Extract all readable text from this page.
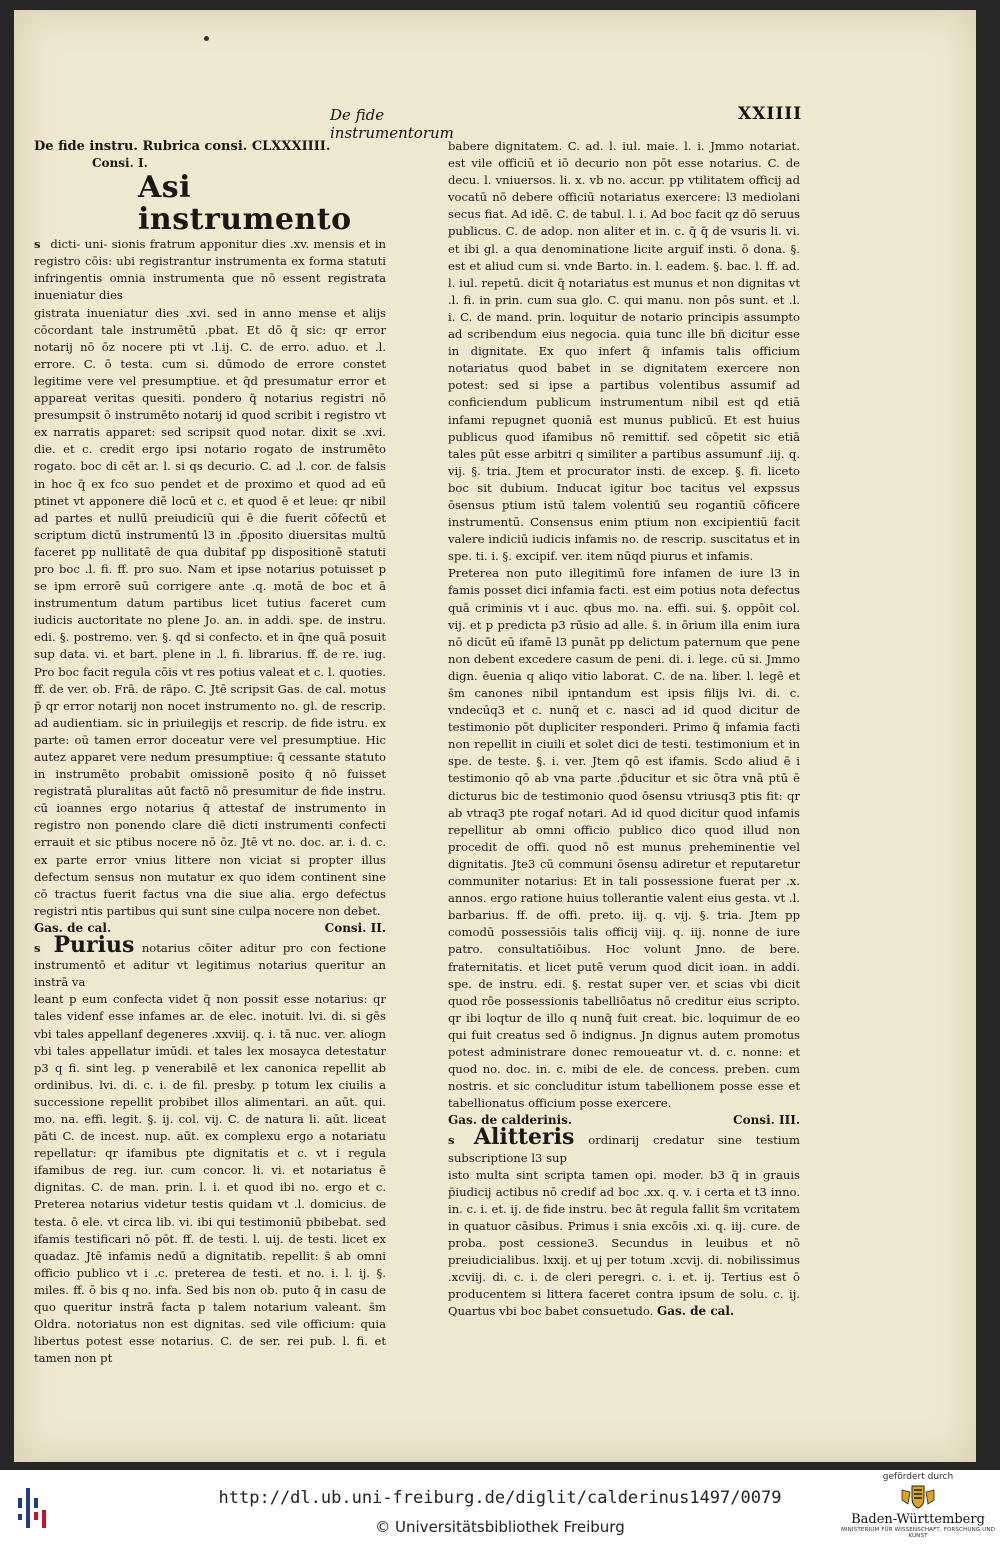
De fide instrumentorum
XXIIII

De fide instru. Rubrica consi. CLXXXIIII.

Consi. I.

Asi instrumento

s dicti- uni- sionis fratrum apponitur dies .xv. mensis et in registro cōis: ubi registrantur instrumenta ex forma statuti infringentis omnia instrumenta que nō essent registrata inueniatur dies

gistrata inueniatur dies .xvi. sed in anno mense et alijs cōcordant tale instrumētū .pbat. Et dō q̄ sic: qr error notarij nō ōz nocere pti vt .l.ij. C. de erro. aduo. et .l. errore. C. ō testa. cum si. dūmodo de errore constet legitime vere vel presumptiue. et q̄d presumatur error et appareat veritas quesiti. pondero q̄ notarius registri nō presumpsit ō instrumēto notarij id quod scribit i registro vt ex narratis apparet: sed scripsit quod notar. dixit se .xvi. die. et c. credit ergo ipsi notario rogato de instrumēto rogato. boc di cēt ar. l. si qs decurio. C. ad .l. cor. de falsis in hoc q̄ ex fco suo pendet et de proximo et quod ad eū ptinet vt apponere diē locū et c. et quod ē et leue: qr nibil ad partes et nullū preiudiciū qui ē die fuerit cōfectū et scriptum dictū instrumentū l3 in .p̄posito diuersitas multū faceret pp nullitatē de qua dubitaf pp dispositionē statuti pro boc .l. fi. ff. pro suo. Nam et ipse notarius potuisset p se ipm errorē suū corrigere ante .q. motā de boc et ā instrumentum datum partibus licet tutius faceret cum iudicis auctoritate no plene Jo. an. in addi. spe. de instru. edi. §. postremo. ver. §. qd si confecto. et in q̄ne quā posuit sup data. vi. et bart. plene in .l. fi. librarius. ff. de re. iug. Pro boc facit regula cōis vt res potius valeat et c. l. quoties. ff. de ver. ob. Frā. de rāpo. C. Jtē scripsit Gas. de cal. motus p̄ qr error notarij non nocet instrumento no. gl. de rescrip. ad audientiam. sic in priuilegijs et rescrip. de fide istru. ex parte: oū tamen error doceatur vere vel presumptiue. Hic autez apparet vere nedum presumptiue: q̄ cessante statuto in instrumēto probabit omissionē posito q̄ nō fuisset registratā pluralitas aūt factō nō presumitur de fide instru. cū ioannes ergo notarius q̄ attestaf de instrumento in registro non ponendo clare diē dicti instrumenti confecti errauit et sic ptibus nocere nō ōz. Jtē vt no. doc. ar. i. d. c. ex parte error vnius littere non viciat si propter illus defectum sensus non mutatur ex quo idem continent sine cō tractus fuerit factus vna die siue alia. ergo defectus registri ntis partibus qui sunt sine culpa nocere non debet.

Gas. de cal.	Consi. II.

s Purius notarius cōiter aditur pro con fectione instrumentō et aditur vt legitimus notarius queritur an instrā va

leant p eum confecta videt q̄ non possit esse notarius: qr tales videnf esse infames ar. de elec. inotuit. lvi. di. si gēs vbi tales appellanf degeneres .xxviij. q. i. tā nuc. ver. aliogn vbi tales appellatur imūdi. et tales lex mosayca detestatur p3 q fi. sint leg. p venerabilē et lex canonica repellit ab ordinibus. lvi. di. c. i. de fil. presby. p totum lex ciuilis a successione repellit probibet illos alimentari. an aūt. qui. mo. na. effi. legit. §. ij. col. vij. C. de natura li. aūt. liceat pāti C. de incest. nup. aūt. ex complexu ergo a notariatu repellatur: qr ifamibus pte dignitatis et c. vt i regula ifamibus de reg. iur. cum concor. li. vi. et notariatus ē dignitas. C. de man. prin. l. i. et quod ibi no. ergo et c. Preterea notarius videtur testis quidam vt .l. domicius. de testa. ō ele. vt circa lib. vi. ibi qui testimoniū pbibebat. sed ifamis testificari nō pōt. ff. de testi. l. uij. de testi. licet ex quadaz. Jtē infamis nedū a dignitatib. repellit: s̄ ab omni officio publico vt i .c. preterea de testi. et no. i. l. ij. §. miles. ff. ō bis q no. infa. Sed bis non ob. puto q̄ in casu de quo queritur instrā facta p talem notarium valeant. s̄m Oldra. notoriatus non est dignitas. sed vile officium: quia libertus potest esse notarius. C. de ser. rei pub. l. fi. et tamen non pt

babere dignitatem. C. ad. l. iul. maie. l. i. Jmmo notariat. est vile officiū et iō decurio non pōt esse notarius. C. de decu. l. vniuersos. li. x. vb no. accur. pp vtilitatem officij ad vocatū nō debere officiū notariatus exercere: l3 mediolani secus fiat. Ad idē. C. de tabul. l. i. Ad boc facit qz dō seruus publicus. C. de adop. non aliter et in. c. q̄ q̄ de vsuris li. vi. et ibi gl. a qua denominatione licite arguif insti. ō dona. §. est et aliud cum si. vnde Barto. in. l. eadem. §. bac. l. ff. ad. l. iul. repetū. dicit q̄ notariatus est munus et non dignitas vt .l. fi. in prin. cum sua glo. C. qui manu. non pōs sunt. et .l. i. C. de mand. prin. loquitur de notario principis assumpto ad scribendum eius negocia. quia tunc ille bn̄ dicitur esse in dignitate. Ex quo infert q̄ infamis talis officium notariatus quod babet in se dignitatem exercere non potest: sed si ipse a partibus volentibus assumif ad conficiendum publicum instrumentum nibil est qd etiā infami repugnet quoniā est munus publicū. Et est huius publicus quod ifamibus nō remittif. sed cōpetit sic etiā tales pūt esse arbitri q similiter a partibus assumunf .iij. q. vij. §. tria. Jtem et procurator insti. de excep. §. fi. liceto boc sit dubium. Inducat igitur boc tacitus vel expssus ōsensus ptium istū talem volentiū seu rogantiū cōficere instrumentū. Consensus enim ptium non excipientiū facit valere indiciū iudicis infamis no. de rescrip. suscitatus et in spe. ti. i. §. excipif. ver. item nūqd piurus et infamis.

Preterea non puto illegitimū fore infamen de iure l3 in famis posset dici infamia facti. est eim potius nota defectus quā criminis vt i auc. qbus mo. na. effi. sui. §. oppōit col. vij. et p predicta p3 rūsio ad alle. s̄. in ōrium illa enim iura nō dicūt eū ifamē l3 punāt pp delictum paternum que pene non debent excedere casum de peni. di. i. lege. cū si. Jmmo dign. ēuenia q aliqo vitio laborat. C. de na. liber. l. legē et s̄m canones nibil ipntandum est ipsis filijs lvi. di. c. vndecūq3 et c. nunq̄ et c. nasci ad id quod dicitur de testimonio pōt dupliciter responderi. Primo q̄ infamia facti non repellit in ciuili et solet dici de testi. testimonium et in spe. de teste. §. i. ver. Jtem qō est ifamis. Scdo aliud ē i testimonio qō ab vna parte .p̄ducitur et sic ōtra vnā ptū ē dicturus bic de testimonio quod ōsensu vtriusq3 ptis fit: qr ab vtraq3 pte rogaf notari. Ad id quod dicitur quod infamis repellitur ab omni officio publico dico quod illud non procedit de offi. quod nō est munus preheminentie vel dignitatis. Jte3 cū communi ōsensu adiretur et reputaretur communiter notarius: Et in tali possessione fuerat per .x. annos. ergo ratione huius tollerantie valent eius gesta. vt .l. barbarius. ff. de offi. preto. iij. q. vij. §. tria. Jtem pp comodū possessiōis talis officij viij. q. iij. nonne de iure patro. consultatiōibus. Hoc volunt Jnno. de bere. fraternitatis. et licet putē verum quod dicit ioan. in addi. spe. de instru. edi. §. restat super ver. et scias vbi dicit quod rōe possessionis tabelliōatus nō creditur eius scripto. qr ibi loqtur de illo q nunq̄ fuit creat. bic. loquimur de eo qui fuit creatus sed ō indignus. Jn dignus autem promotus potest administrare donec remoueatur vt. d. c. nonne: et quod no. doc. in. c. mibi de ele. de concess. preben. cum nostris. et sic concluditur istum tabellionem posse esse et tabellionatus officium posse exercere.

Gas. de calderinis.	Consi. III.

s Alitteris ordinarij credatur sine testium subscriptione l3 sup

isto multa sint scripta tamen opi. moder. b3 q̄ in grauis p̄iudicij actibus nō credif ad boc .xx. q. v. i certa et t3 inno. in. c. i. et. ij. de fide instru. bec āt regula fallit s̄m vcritatem in quatuor cāsibus. Primus i snia excōis .xi. q. iij. cure. de proba. post cessione3. Secundus in leuibus et nō preiudicialibus. lxxij. et uj per totum .xcvij. di. nobilissimus .xcviij. di. c. i. de cleri peregri. c. i. et. ij. Tertius est ō producentem si littera faceret contra ipsum de solu. c. ij. Quartus vbi boc babet consuetudo. Gas. de cal.

http://dl.ub.uni-freiburg.de/diglit/calderinus1497/0079
© Universitätsbibliothek Freiburg
gefördert durch
Baden-Württemberg
MINISTERIUM FÜR WISSENSCHAFT, FORSCHUNG UND KUNST
